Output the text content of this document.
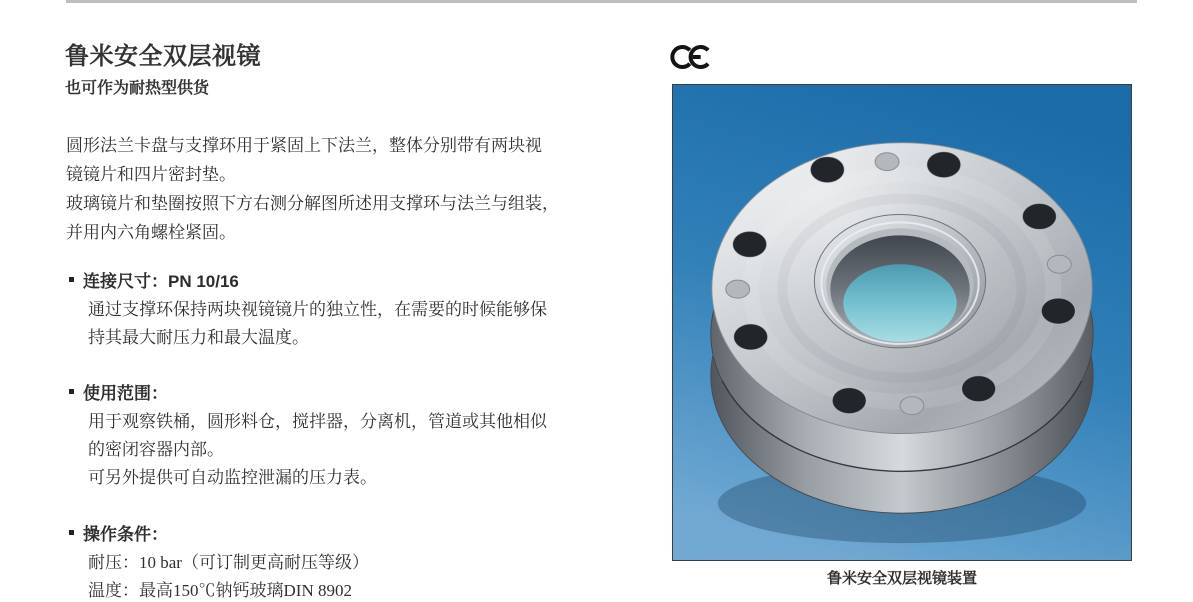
鲁米安全双层视镜
也可作为耐热型供货
圆形法兰卡盘与支撑环用于紧固上下法兰，整体分别带有两块视
镜镜片和四片密封垫。
玻璃镜片和垫圈按照下方右测分解图所述用支撑环与法兰与组装，
并用内六角螺栓紧固。
连接尺寸：PN 10/16
通过支撑环保持两块视镜镜片的独立性，在需要的时候能够保
持其最大耐压力和最大温度。
使用范围：
用于观察铁桶，圆形料仓，搅拌器，分离机，管道或其他相似
的密闭容器内部。
可另外提供可自动监控泄漏的压力表。
操作条件：
耐压：10 bar（可订制更高耐压等级）
温度：最高150℃钠钙玻璃DIN 8902
鲁米安全双层视镜装置
